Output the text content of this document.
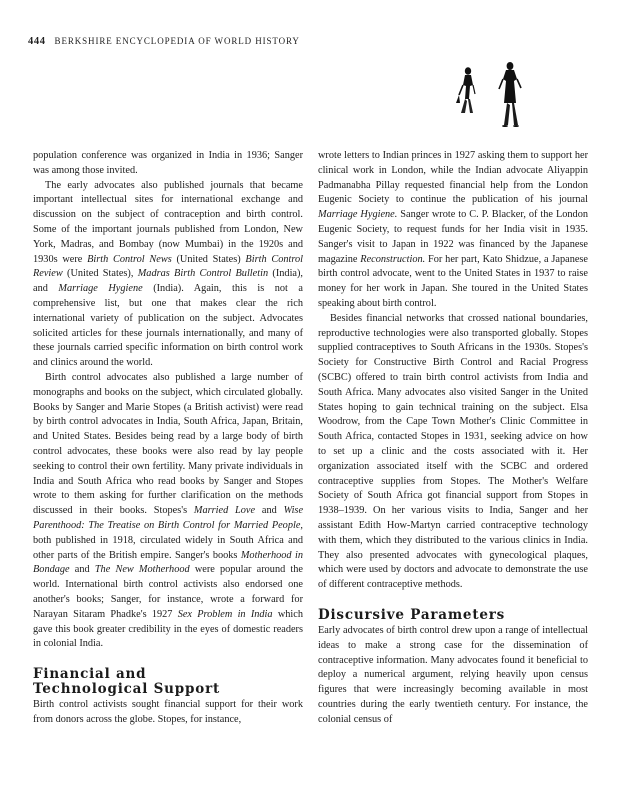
444 BERKSHIRE ENCYCLOPEDIA OF WORLD HISTORY

population conference was organized in India in 1936; Sanger was among those invited.

The early advocates also published journals that became important intellectual sites for international exchange and discussion on the subject of contraception and birth control. Some of the important journals published from London, New York, Madras, and Bombay (now Mumbai) in the 1920s and 1930s were Birth Control News (United States) Birth Control Review (United States), Madras Birth Control Bulletin (India), and Marriage Hygiene (India). Again, this is not a comprehensive list, but one that makes clear the rich international variety of publication on the subject. Advocates solicited articles for these journals internationally, and many of these journals carried specific information on birth control work and clinics around the world.

Birth control advocates also published a large number of monographs and books on the subject, which circulated globally. Books by Sanger and Marie Stopes (a British activist) were read by birth control advocates in India, South Africa, Japan, Britain, and United States. Besides being read by a large body of birth control advocates, these books were also read by lay people seeking to control their own fertility. Many private individuals in India and South Africa who read books by Sanger and Stopes wrote to them asking for further clarification on the methods discussed in their books. Stopes's Married Love and Wise Parenthood: The Treatise on Birth Control for Married People, both published in 1918, circulated widely in South Africa and other parts of the British empire. Sanger's books Motherhood in Bondage and The New Motherhood were popular around the world. International birth control activists also endorsed one another's books; Sanger, for instance, wrote a forward for Narayan Sitaram Phadke's 1927 Sex Problem in India which gave this book greater credibility in the eyes of domestic readers in colonial India.

Financial and
Technological Support

Birth control activists sought financial support for their work from donors across the globe. Stopes, for instance,

wrote letters to Indian princes in 1927 asking them to support her clinical work in London, while the Indian advocate Aliyappin Padmanabha Pillay requested financial help from the London Eugenic Society to continue the publication of his journal Marriage Hygiene. Sanger wrote to C. P. Blacker, of the London Eugenic Society, to request funds for her India visit in 1935. Sanger's visit to Japan in 1922 was financed by the Japanese magazine Reconstruction. For her part, Kato Shidzue, a Japanese birth control advocate, went to the United States in 1937 to raise money for her work in Japan. She toured in the United States speaking about birth control.

Besides financial networks that crossed national boundaries, reproductive technologies were also transported globally. Stopes supplied contraceptives to South Africans in the 1930s. Stopes's Society for Constructive Birth Control and Racial Progress (SCBC) offered to train birth control activists from India and South Africa. Many advocates also visited Sanger in the United States hoping to gain technical training on the subject. Elsa Woodrow, from the Cape Town Mother's Clinic Committee in South Africa, contacted Stopes in 1931, seeking advice on how to set up a clinic and the costs associated with it. Her organization associated itself with the SCBC and ordered contraceptive supplies from Stopes. The Mother's Welfare Society of South Africa got financial support from Stopes in 1938–1939. On her various visits to India, Sanger and her assistant Edith How-Martyn carried contraceptive technology with them, which they distributed to the various clinics in India. They also presented advocates with gynecological plaques, which were used by doctors and advocate to demonstrate the use of different contraceptive methods.

Discursive Parameters

Early advocates of birth control drew upon a range of intellectual ideas to make a strong case for the dissemination of contraceptive information. Many advocates found it beneficial to deploy a numerical argument, relying heavily upon census figures that were increasingly becoming available in most countries during the early twentieth century. For instance, the colonial census of
